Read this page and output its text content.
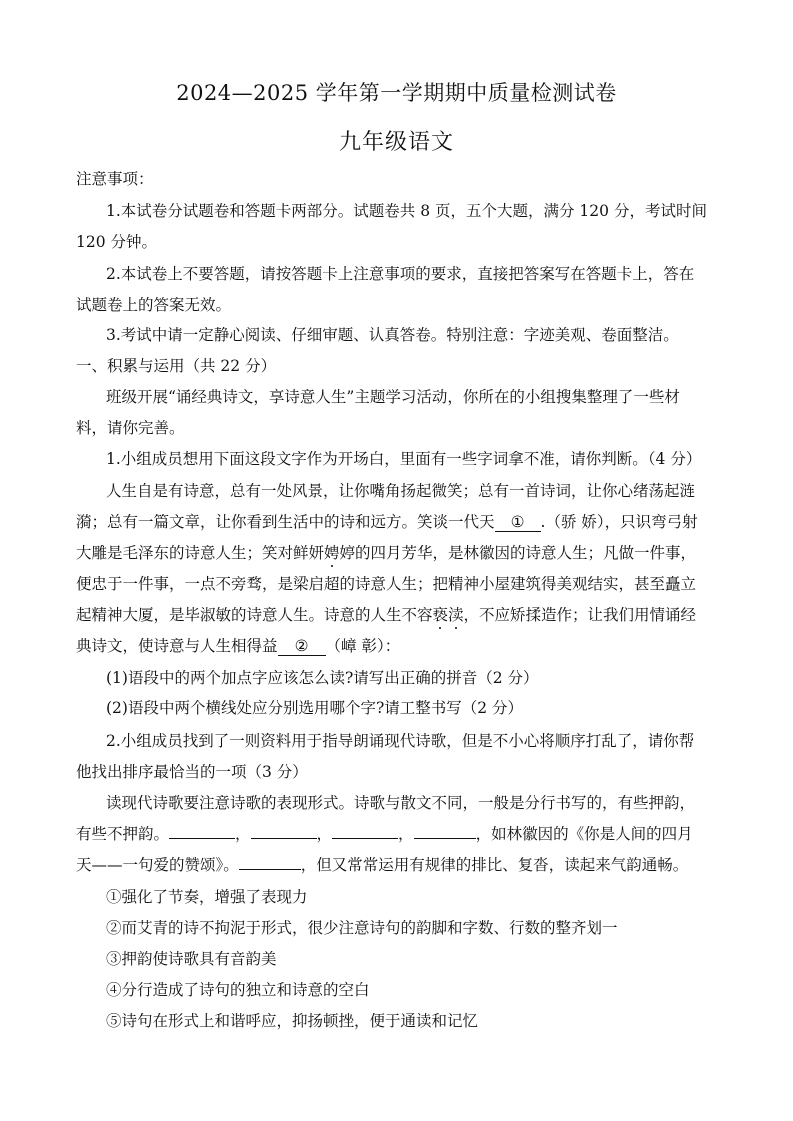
2024—2025 学年第一学期期中质量检测试卷
九年级语文
注意事项：
1.本试卷分试题卷和答题卡两部分。试题卷共 8 页，五个大题，满分 120 分，考试时间
120 分钟。
2.本试卷上不要答题，请按答题卡上注意事项的要求，直接把答案写在答题卡上，答在
试题卷上的答案无效。
3.考试中请一定静心阅读、仔细审题、认真答卷。特别注意：字迹美观、卷面整洁。
一、积累与运用（共 22 分）
班级开展“诵经典诗文，享诗意人生”主题学习活动，你所在的小组搜集整理了一些材
料，请你完善。
1.小组成员想用下面这段文字作为开场白，里面有一些字词拿不准，请你判断。（4 分）
人生自是有诗意，总有一处风景，让你嘴角扬起微笑；总有一首诗词，让你心绪荡起涟
漪；总有一篇文章，让你看到生活中的诗和远方。笑谈一代天 ① .（骄 娇），只识弯弓射
大雕是毛泽东的诗意人生；笑对鲜妍娉婷的四月芳华，是林徽因的诗意人生；凡做一件事，
便忠于一件事，一点不旁骛，是梁启超的诗意人生；把精神小屋建筑得美观结实，甚至矗立
起精神大厦，是毕淑敏的诗意人生。诗意的人生不容亵渎，不应矫揉造作；让我们用情诵经
典诗文，使诗意与人生相得益 ② （嶂 彰）：
(1)语段中的两个加点字应该怎么读?请写出正确的拼音（2 分）
(2)语段中两个横线处应分别选用哪个字?请工整书写（2 分）
2.小组成员找到了一则资料用于指导朗诵现代诗歌，但是不小心将顺序打乱了，请你帮
他找出排序最恰当的一项（3 分）
读现代诗歌要注意诗歌的表现形式。诗歌与散文不同，一般是分行书写的，有些押韵，
有些不押韵。	，	，	，	，如林徽因的《你是人间的四月
天——一句爱的赞颂》。	，但又常常运用有规律的排比、复沓，读起来气韵通畅。
①强化了节奏，增强了表现力
②而艾青的诗不拘泥于形式，很少注意诗句的韵脚和字数、行数的整齐划一
③押韵使诗歌具有音韵美
④分行造成了诗句的独立和诗意的空白
⑤诗句在形式上和谐呼应，抑扬顿挫，便于通读和记忆
